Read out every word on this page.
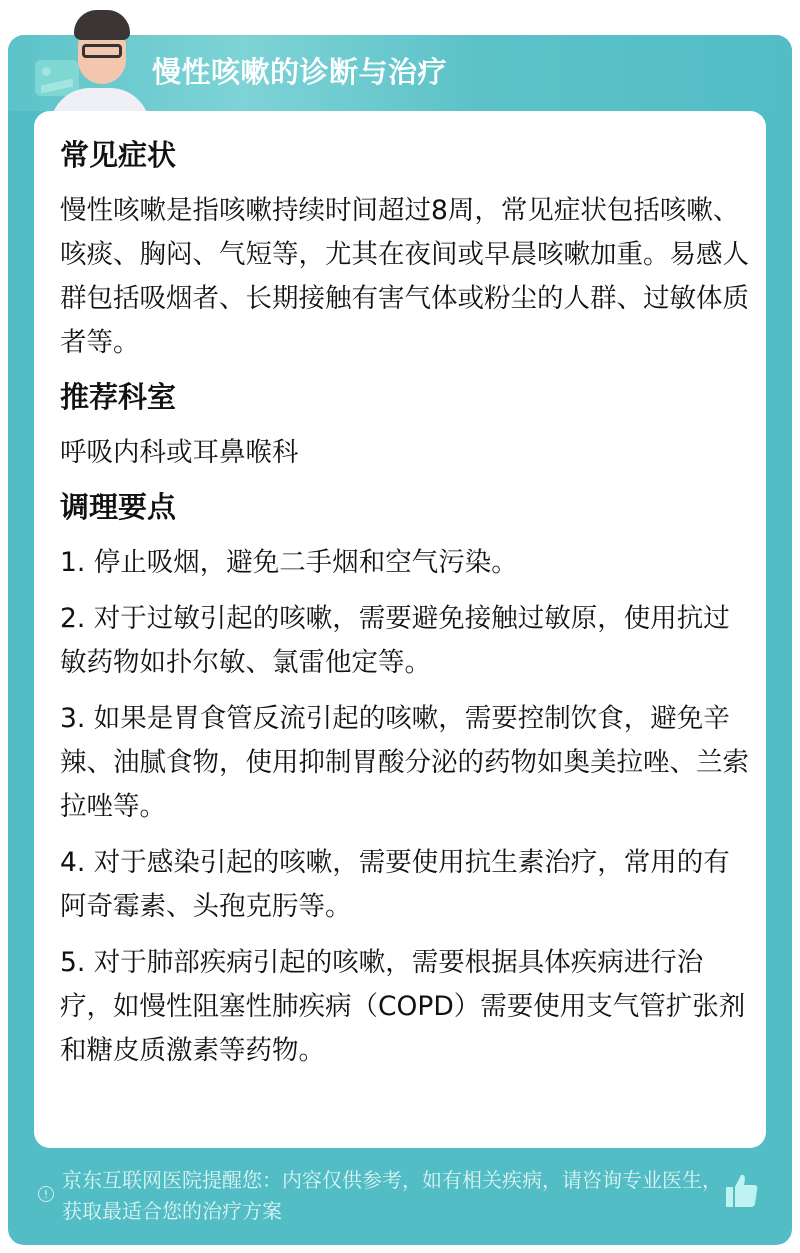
!
京东互联网医院提醒您：内容仅供参考，如有相关疾病，请咨询专业医生，获取最适合您的治疗方案
慢性咳嗽的诊断与治疗
常见症状

慢性咳嗽是指咳嗽持续时间超过8周，常见症状包括咳嗽、咳痰、胸闷、气短等，尤其在夜间或早晨咳嗽加重。易感人群包括吸烟者、长期接触有害气体或粉尘的人群、过敏体质者等。

推荐科室

呼吸内科或耳鼻喉科

调理要点

1. 停止吸烟，避免二手烟和空气污染。

2. 对于过敏引起的咳嗽，需要避免接触过敏原，使用抗过敏药物如扑尔敏、氯雷他定等。

3. 如果是胃食管反流引起的咳嗽，需要控制饮食，避免辛辣、油腻食物，使用抑制胃酸分泌的药物如奥美拉唑、兰索拉唑等。

4. 对于感染引起的咳嗽，需要使用抗生素治疗，常用的有阿奇霉素、头孢克肟等。

5. 对于肺部疾病引起的咳嗽，需要根据具体疾病进行治疗，如慢性阻塞性肺疾病（COPD）需要使用支气管扩张剂和糖皮质激素等药物。
